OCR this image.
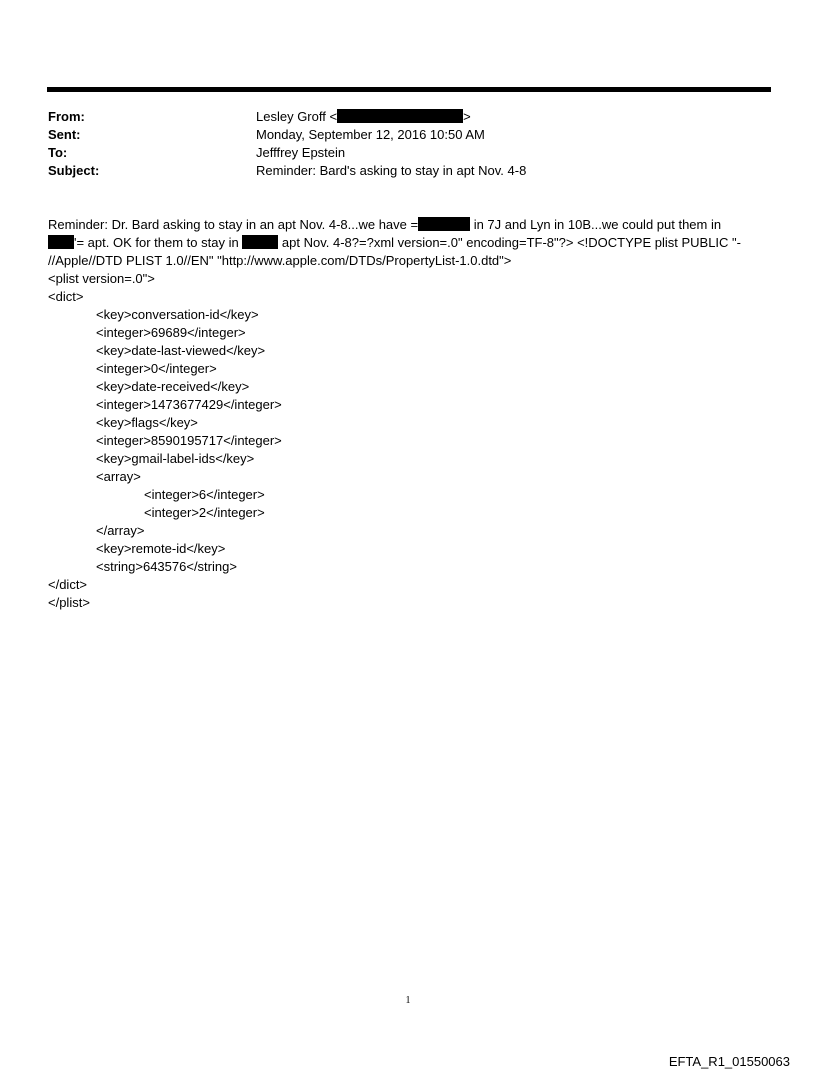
From:	Lesley Groff <	>
Sent:	Monday, September 12, 2016 10:50 AM
To:	Jefffrey Epstein
Subject:	Reminder: Bard's asking to stay in apt Nov. 4-8
Reminder: Dr. Bard asking to stay in an apt Nov. 4-8...we have =	in 7J and Lyn in 10B...we could put them in
'= apt. OK for them to stay in	apt Nov. 4-8?=?xml version=.0" encoding=TF-8"?> <!DOCTYPE plist PUBLIC "-
//Apple//DTD PLIST 1.0//EN" "http://www.apple.com/DTDs/PropertyList-1.0.dtd">
<plist version=.0">
<dict>
<key>conversation-id</key>
<integer>69689</integer>
<key>date-last-viewed</key>
<integer>0</integer>
<key>date-received</key>
<integer>1473677429</integer>
<key>flags</key>
<integer>8590195717</integer>
<key>gmail-label-ids</key>
<array>
<integer>6</integer>
<integer>2</integer>
</array>
<key>remote-id</key>
<string>643576</string>
</dict>
</plist>
1
EFTA_R1_01550063
